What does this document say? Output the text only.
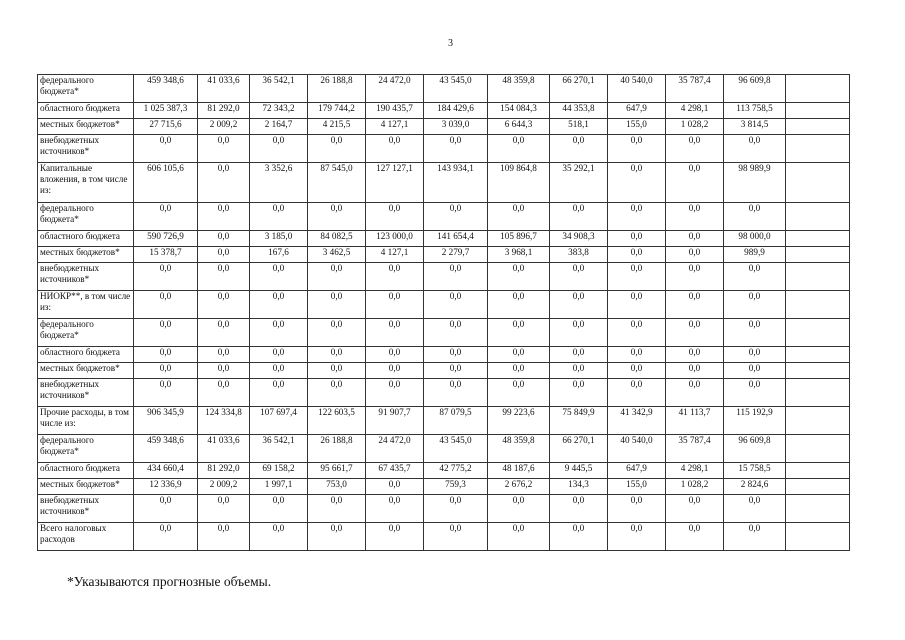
3
федерального бюджета*	459 348,6	41 033,6	36 542,1	26 188,8	24 472,0	43 545,0	48 359,8	66 270,1	40 540,0	35 787,4	96 609,8	
областного бюджета	1 025 387,3	81 292,0	72 343,2	179 744,2	190 435,7	184 429,6	154 084,3	44 353,8	647,9	4 298,1	113 758,5	
местных бюджетов*	27 715,6	2 009,2	2 164,7	4 215,5	4 127,1	3 039,0	6 644,3	518,1	155,0	1 028,2	3 814,5	
внебюджетных источников*	0,0	0,0	0,0	0,0	0,0	0,0	0,0	0,0	0,0	0,0	0,0	
Капитальные вложения, в том числе из:	606 105,6	0,0	3 352,6	87 545,0	127 127,1	143 934,1	109 864,8	35 292,1	0,0	0,0	98 989,9	
федерального бюджета*	0,0	0,0	0,0	0,0	0,0	0,0	0,0	0,0	0,0	0,0	0,0	
областного бюджета	590 726,9	0,0	3 185,0	84 082,5	123 000,0	141 654,4	105 896,7	34 908,3	0,0	0,0	98 000,0	
местных бюджетов*	15 378,7	0,0	167,6	3 462,5	4 127,1	2 279,7	3 968,1	383,8	0,0	0,0	989,9	
внебюджетных источников*	0,0	0,0	0,0	0,0	0,0	0,0	0,0	0,0	0,0	0,0	0,0	
НИОКР**, в том числе из:	0,0	0,0	0,0	0,0	0,0	0,0	0,0	0,0	0,0	0,0	0,0	
федерального бюджета*	0,0	0,0	0,0	0,0	0,0	0,0	0,0	0,0	0,0	0,0	0,0	
областного бюджета	0,0	0,0	0,0	0,0	0,0	0,0	0,0	0,0	0,0	0,0	0,0	
местных бюджетов*	0,0	0,0	0,0	0,0	0,0	0,0	0,0	0,0	0,0	0,0	0,0	
внебюджетных источников*	0,0	0,0	0,0	0,0	0,0	0,0	0,0	0,0	0,0	0,0	0,0	
Прочие расходы, в том числе из:	906 345,9	124 334,8	107 697,4	122 603,5	91 907,7	87 079,5	99 223,6	75 849,9	41 342,9	41 113,7	115 192,9	
федерального бюджета*	459 348,6	41 033,6	36 542,1	26 188,8	24 472,0	43 545,0	48 359,8	66 270,1	40 540,0	35 787,4	96 609,8	
областного бюджета	434 660,4	81 292,0	69 158,2	95 661,7	67 435,7	42 775,2	48 187,6	9 445,5	647,9	4 298,1	15 758,5	
местных бюджетов*	12 336,9	2 009,2	1 997,1	753,0	0,0	759,3	2 676,2	134,3	155,0	1 028,2	2 824,6	
внебюджетных источников*	0,0	0,0	0,0	0,0	0,0	0,0	0,0	0,0	0,0	0,0	0,0	
Всего налоговых расходов	0,0	0,0	0,0	0,0	0,0	0,0	0,0	0,0	0,0	0,0	0,0	
*Указываются прогнозные объемы.
